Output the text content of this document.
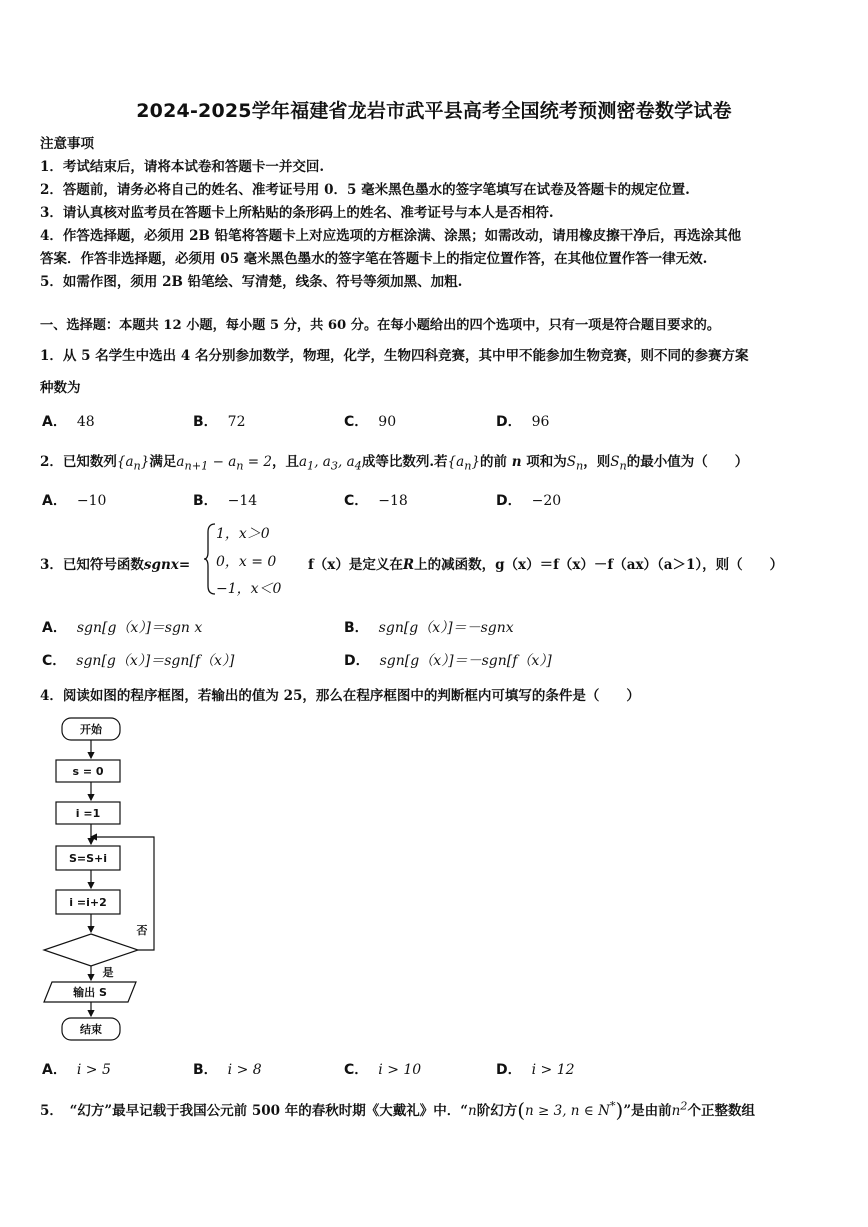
2024-2025学年福建省龙岩市武平县高考全国统考预测密卷数学试卷
注意事项
1．考试结束后，请将本试卷和答题卡一并交回.
2．答题前，请务必将自己的姓名、准考证号用 0．5 毫米黑色墨水的签字笔填写在试卷及答题卡的规定位置.
3．请认真核对监考员在答题卡上所粘贴的条形码上的姓名、准考证号与本人是否相符.
4．作答选择题，必须用 2B 铅笔将答题卡上对应选项的方框涂满、涂黑；如需改动，请用橡皮擦干净后，再选涂其他
答案．作答非选择题，必须用 05 毫米黑色墨水的签字笔在答题卡上的指定位置作答，在其他位置作答一律无效.
5．如需作图，须用 2B 铅笔绘、写清楚，线条、符号等须加黑、加粗.
一、选择题：本题共 12 小题，每小题 5 分，共 60 分。在每小题给出的四个选项中，只有一项是符合题目要求的。
1．从 5 名学生中选出 4 名分别参加数学，物理，化学，生物四科竞赛，其中甲不能参加生物竞赛，则不同的参赛方案
种数为
A． 48	B． 72	C． 90	D． 96
2．已知数列$\{a_n\}$满足$a_{n+1} - a_n = 2$，且$a_1$, $a_3$, $a_4$成等比数列.若$\{a_n\}$的前 n 项和为$S_n$，则$S_n$的最小值为（　　）
A． −10	B． −14	C． −18	D． −20
3．已知符号函数sgnx=
1，x＞0
0，x = 0
−1，x＜0
f（x）是定义在R上的减函数，g（x）＝f（x）－f（ax）（a＞1），则（　　）
A． sgn[g（x）]＝sgn x	B． sgn[g（x）]＝－sgnx
C． sgn[g（x）]＝sgn[f（x）]	D． sgn[g（x）]＝－sgn[f（x）]
4．阅读如图的程序框图，若输出的值为 25，那么在程序框图中的判断框内可填写的条件是（　　）
开始
s = 0
i =1
S=S+i
i =i+2
否
是
输出 S
结束
A． i > 5	B． i > 8	C． i > 10	D． i > 12
5．　“幻方”最早记载于我国公元前 500 年的春秋时期《大戴礼》中．“n阶幻方(n ≥ 3, n ∈ N*)”是由前$n^2$个正整数组
